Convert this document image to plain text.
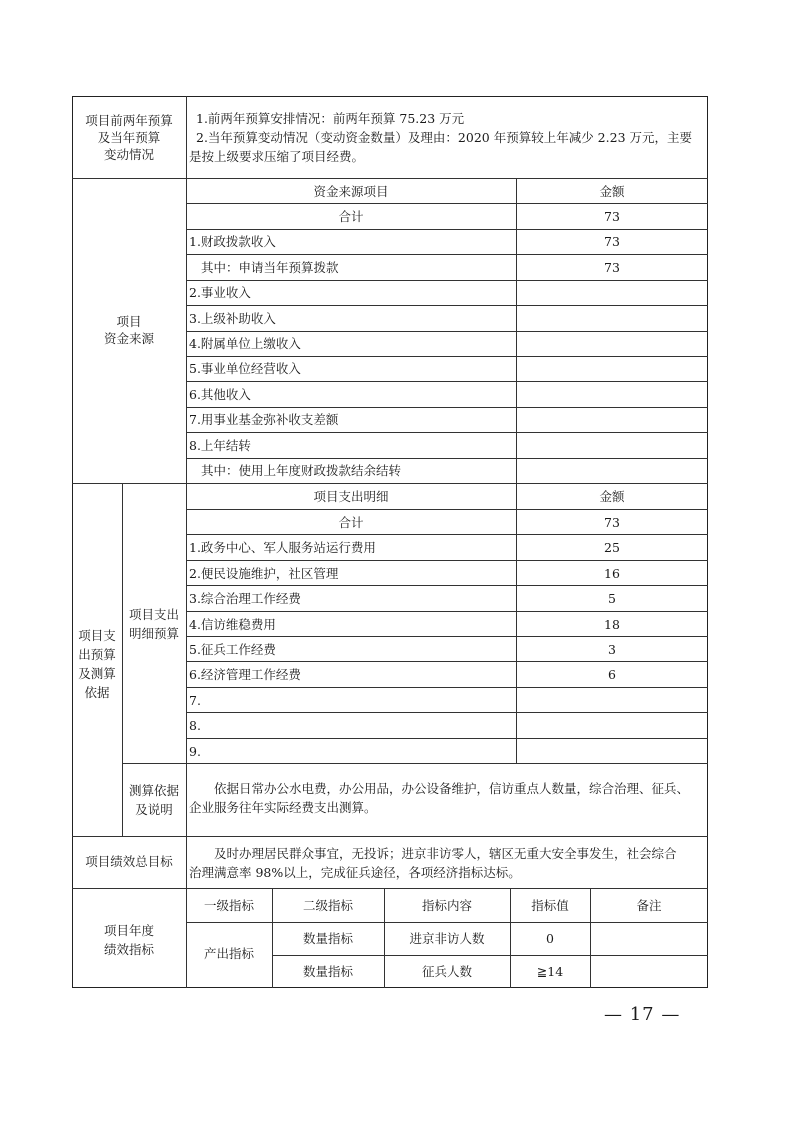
项目前两年预算
及当年预算
变动情况
1.前两年预算安排情况：前两年预算 75.23 万元
2.当年预算变动情况（变动资金数量）及理由：2020 年预算较上年减少 2.23 万元，主要
是按上级要求压缩了项目经费。
项目
资金来源
资金来源项目	金额
合计	73
1.财政拨款收入	73
其中：申请当年预算拨款	73
2.事业收入
3.上级补助收入
4.附属单位上缴收入
5.事业单位经营收入
6.其他收入
7.用事业基金弥补收支差额
8.上年结转
其中：使用上年度财政拨款结余结转
项目支
出预算
及测算
依据
项目支出
明细预算
项目支出明细	金额
合计	73
1.政务中心、军人服务站运行费用	25
2.便民设施维护，社区管理	16
3.综合治理工作经费	5
4.信访维稳费用	18
5.征兵工作经费	3
6.经济管理工作经费	6
7.
8.
9.
测算依据
及说明
依据日常办公水电费，办公用品，办公设备维护，信访重点人数量，综合治理、征兵、
企业服务往年实际经费支出测算。
项目绩效总目标
及时办理居民群众事宜，无投诉；进京非访零人，辖区无重大安全事发生，社会综合
治理满意率 98%以上，完成征兵途径，各项经济指标达标。
项目年度
绩效指标
一级指标	二级指标	指标内容	指标值	备注
产出指标
数量指标	进京非访人数	0
数量指标	征兵人数	≧14
— 17 —
